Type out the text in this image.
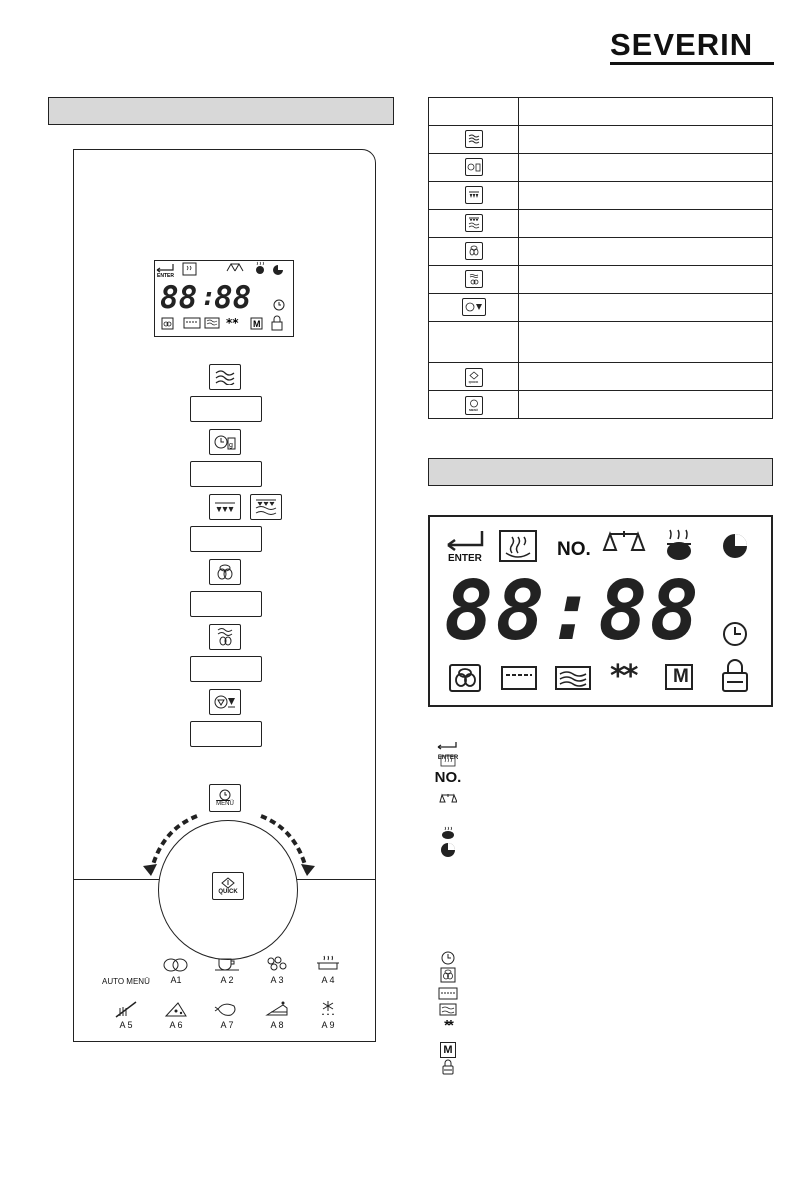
SEVERIN
ENTER
88 :
88
** M
g
MENÜ
QUICK
AUTO MENÜ	A1	A 2	A 3	A 4
A 5	A 6	A 7	A 8	A 9

QUICK	

MENÜ	

ENTER	NO.
88:88
** M
ENTER
NO.
**
M
